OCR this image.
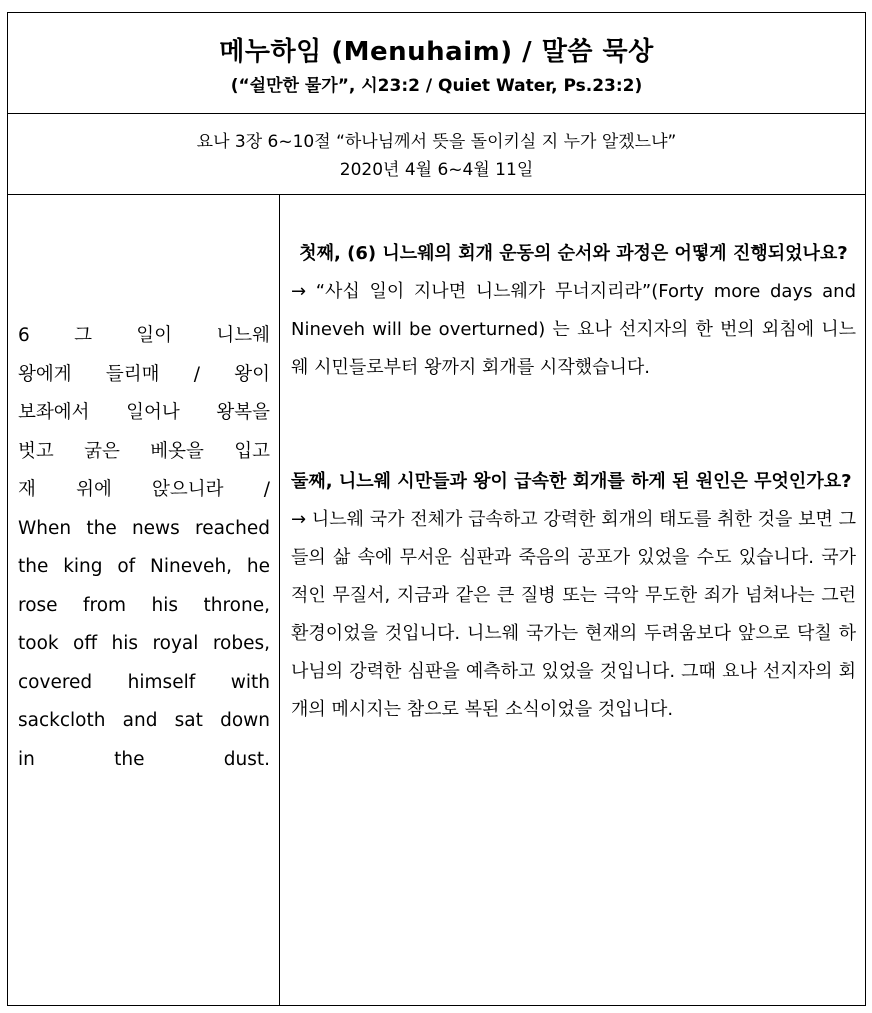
메누하임 (Menuhaim) / 말씀 묵상
(“쉴만한 물가”, 시23:2 / Quiet Water, Ps.23:2)
요나 3장 6~10절 “하나님께서 뜻을 돌이키실 지 누가 알겠느냐”
2020년 4월 6~4월 11일
6 그 일이 니느웨
왕에게 들리매 / 왕이
보좌에서 일어나 왕복을
벗고 굵은 베옷을 입고
재 위에 앉으니라 /
When the news reached
the king of Nineveh, he
rose from his throne,
took off his royal robes,
covered himself with
sackcloth and sat down
in the dust.

첫째, (6) 니느웨의 회개 운동의 순서와 과정은 어떻게 진행되었나요?

→ “사십 일이 지나면 니느웨가 무너지리라”(Forty more days and Nineveh will be overturned) 는 요나 선지자의 한 번의 외침에 니느웨 시민들로부터 왕까지 회개를 시작했습니다.

둘째, 니느웨 시만들과 왕이 급속한 회개를 하게 된 원인은 무엇인가요?

→ 니느웨 국가 전체가 급속하고 강력한 회개의 태도를 취한 것을 보면 그들의 삶 속에 무서운 심판과 죽음의 공포가 있었을 수도 있습니다. 국가적인 무질서, 지금과 같은 큰 질병 또는 극악 무도한 죄가 넘쳐나는 그런 환경이었을 것입니다. 니느웨 국가는 현재의 두려움보다 앞으로 닥칠 하나님의 강력한 심판을 예측하고 있었을 것입니다. 그때 요나 선지자의 회개의 메시지는 참으로 복된 소식이었을 것입니다.
